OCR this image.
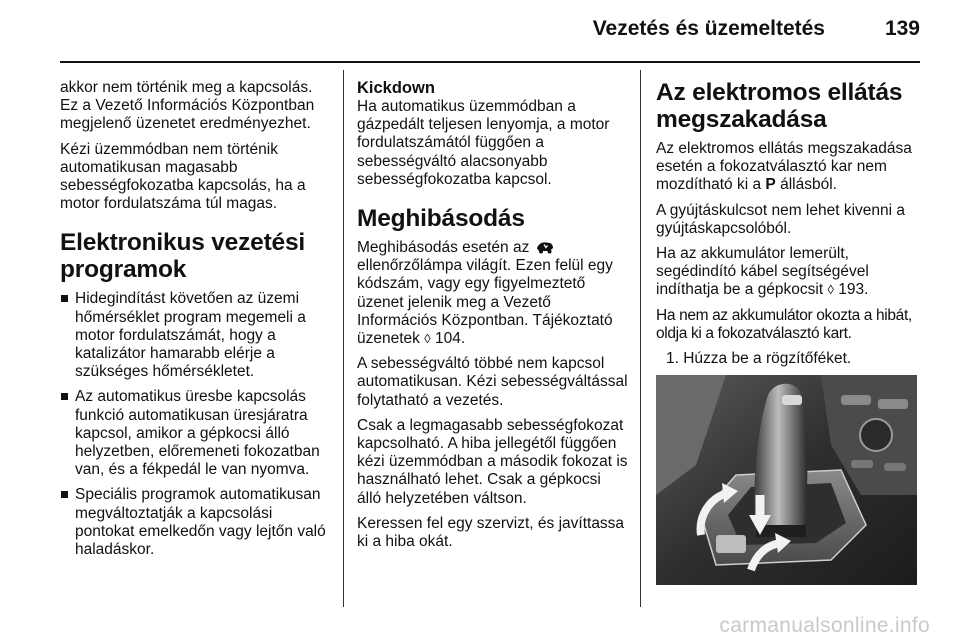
Vezetés és üzemeltetés	139

akkor nem történik meg a kapcsolás. Ez a Vezető Információs Központban megjelenő üzenetet eredményezhet.

Kézi üzemmódban nem történik automatikusan magasabb sebességfokozatba kapcsolás, ha a motor fordulatszáma túl magas.

Elektronikus vezetési programok
Hidegindítást követően az üzemi hőmérséklet program megemeli a motor fordulatszámát, hogy a katalizátor hamarabb elérje a szükséges hőmérsékletet.
Az automatikus üresbe kapcsolás funkció automatikusan üresjáratra kapcsol, amikor a gépkocsi álló helyzetben, előremeneti fokozatban van, és a fékpedál le van nyomva.
Speciális programok automatikusan megváltoztatják a kapcsolási pontokat emelkedőn vagy lejtőn való haladáskor.
Kickdown

Ha automatikus üzemmódban a gázpedált teljesen lenyomja, a motor fordulatszámától függően a sebességváltó alacsonyabb sebességfokozatba kapcsol.

Meghibásodás

Meghibásodás esetén az  ellenőrzőlámpa világít. Ezen felül egy kódszám, vagy egy figyelmeztető üzenet jelenik meg a Vezető Információs Központban. Tájékoztató üzenetek ◊ 104.

A sebességváltó többé nem kapcsol automatikusan. Kézi sebességváltással folytatható a vezetés.

Csak a legmagasabb sebességfokozat kapcsolható. A hiba jellegétől függően kézi üzemmódban a második fokozat is használható lehet. Csak a gépkocsi álló helyzetében váltson.

Keressen fel egy szervizt, és javíttassa ki a hiba okát.

Az elektromos ellátás megszakadása

Az elektromos ellátás megszakadása esetén a fokozatválasztó kar nem mozdítható ki a P állásból.

A gyújtáskulcsot nem lehet kivenni a gyújtáskapcsolóból.

Ha az akkumulátor lemerült, segédindító kábel segítségével indíthatja be a gépkocsit ◊ 193.

Ha nem az akkumulátor okozta a hibát, oldja ki a fokozatválasztó kart.

1. Húzza be a rögzítőféket.

carmanualsonline.info
